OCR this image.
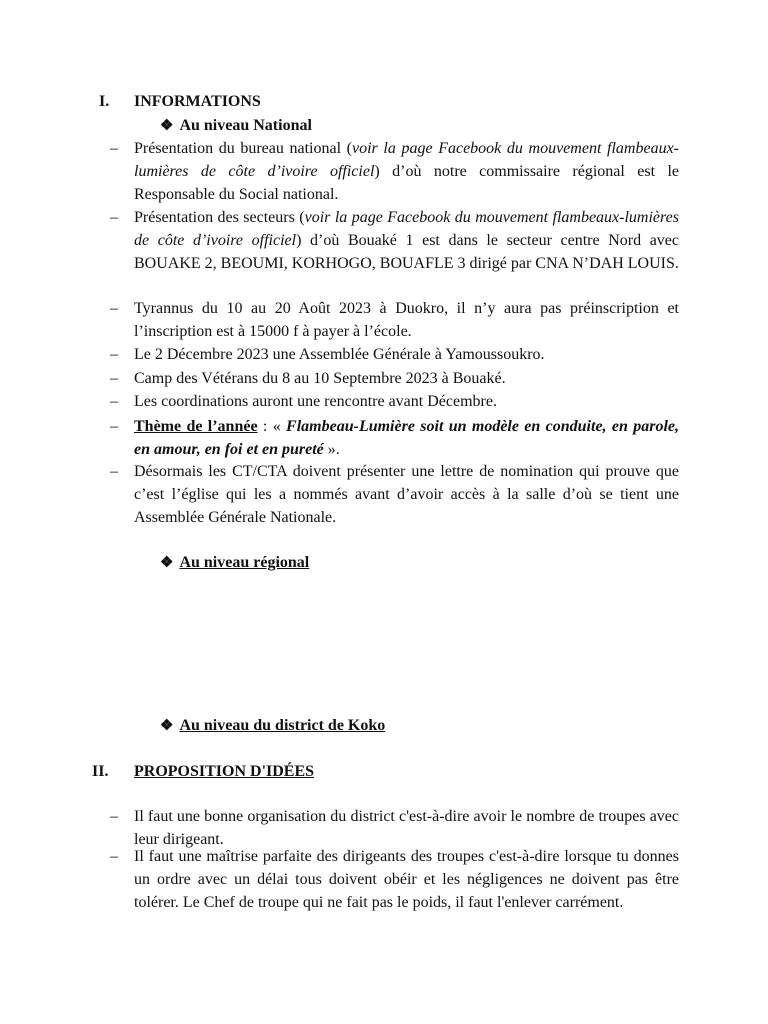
I.	INFORMATIONS
❖ Au niveau National
– Présentation du bureau national (voir la page Facebook du mouvement flambeaux-lumières de côte d’ivoire officiel) d’où notre commissaire régional est le Responsable du Social national.
– Présentation des secteurs (voir la page Facebook du mouvement flambeaux-lumières de côte d’ivoire officiel) d’où Bouaké 1 est dans le secteur centre Nord avec BOUAKE 2, BEOUMI, KORHOGO, BOUAFLE 3 dirigé par CNA N’DAH LOUIS.
– Tyrannus du 10 au 20 Août 2023 à Duokro, il n’y aura pas préinscription et l’inscription est à 15000 f à payer à l’école.
– Le 2 Décembre 2023 une Assemblée Générale à Yamoussoukro.
– Camp des Vétérans du 8 au 10 Septembre 2023 à Bouaké.
– Les coordinations auront une rencontre avant Décembre.
– Thème de l’année : « Flambeau-Lumière soit un modèle en conduite, en parole, en amour, en foi et en pureté ».
– Désormais les CT/CTA doivent présenter une lettre de nomination qui prouve que c’est l’église qui les a nommés avant d’avoir accès à la salle d’où se tient une Assemblée Générale Nationale.
❖ Au niveau régional
❖ Au niveau du district de Koko
II.	PROPOSITION D'IDÉES
– Il faut une bonne organisation du district c'est-à-dire avoir le nombre de troupes avec leur dirigeant.
– Il faut une maîtrise parfaite des dirigeants des troupes c'est-à-dire lorsque tu donnes un ordre avec un délai tous doivent obéir et les négligences ne doivent pas être tolérer. Le Chef de troupe qui ne fait pas le poids, il faut l'enlever carrément.
